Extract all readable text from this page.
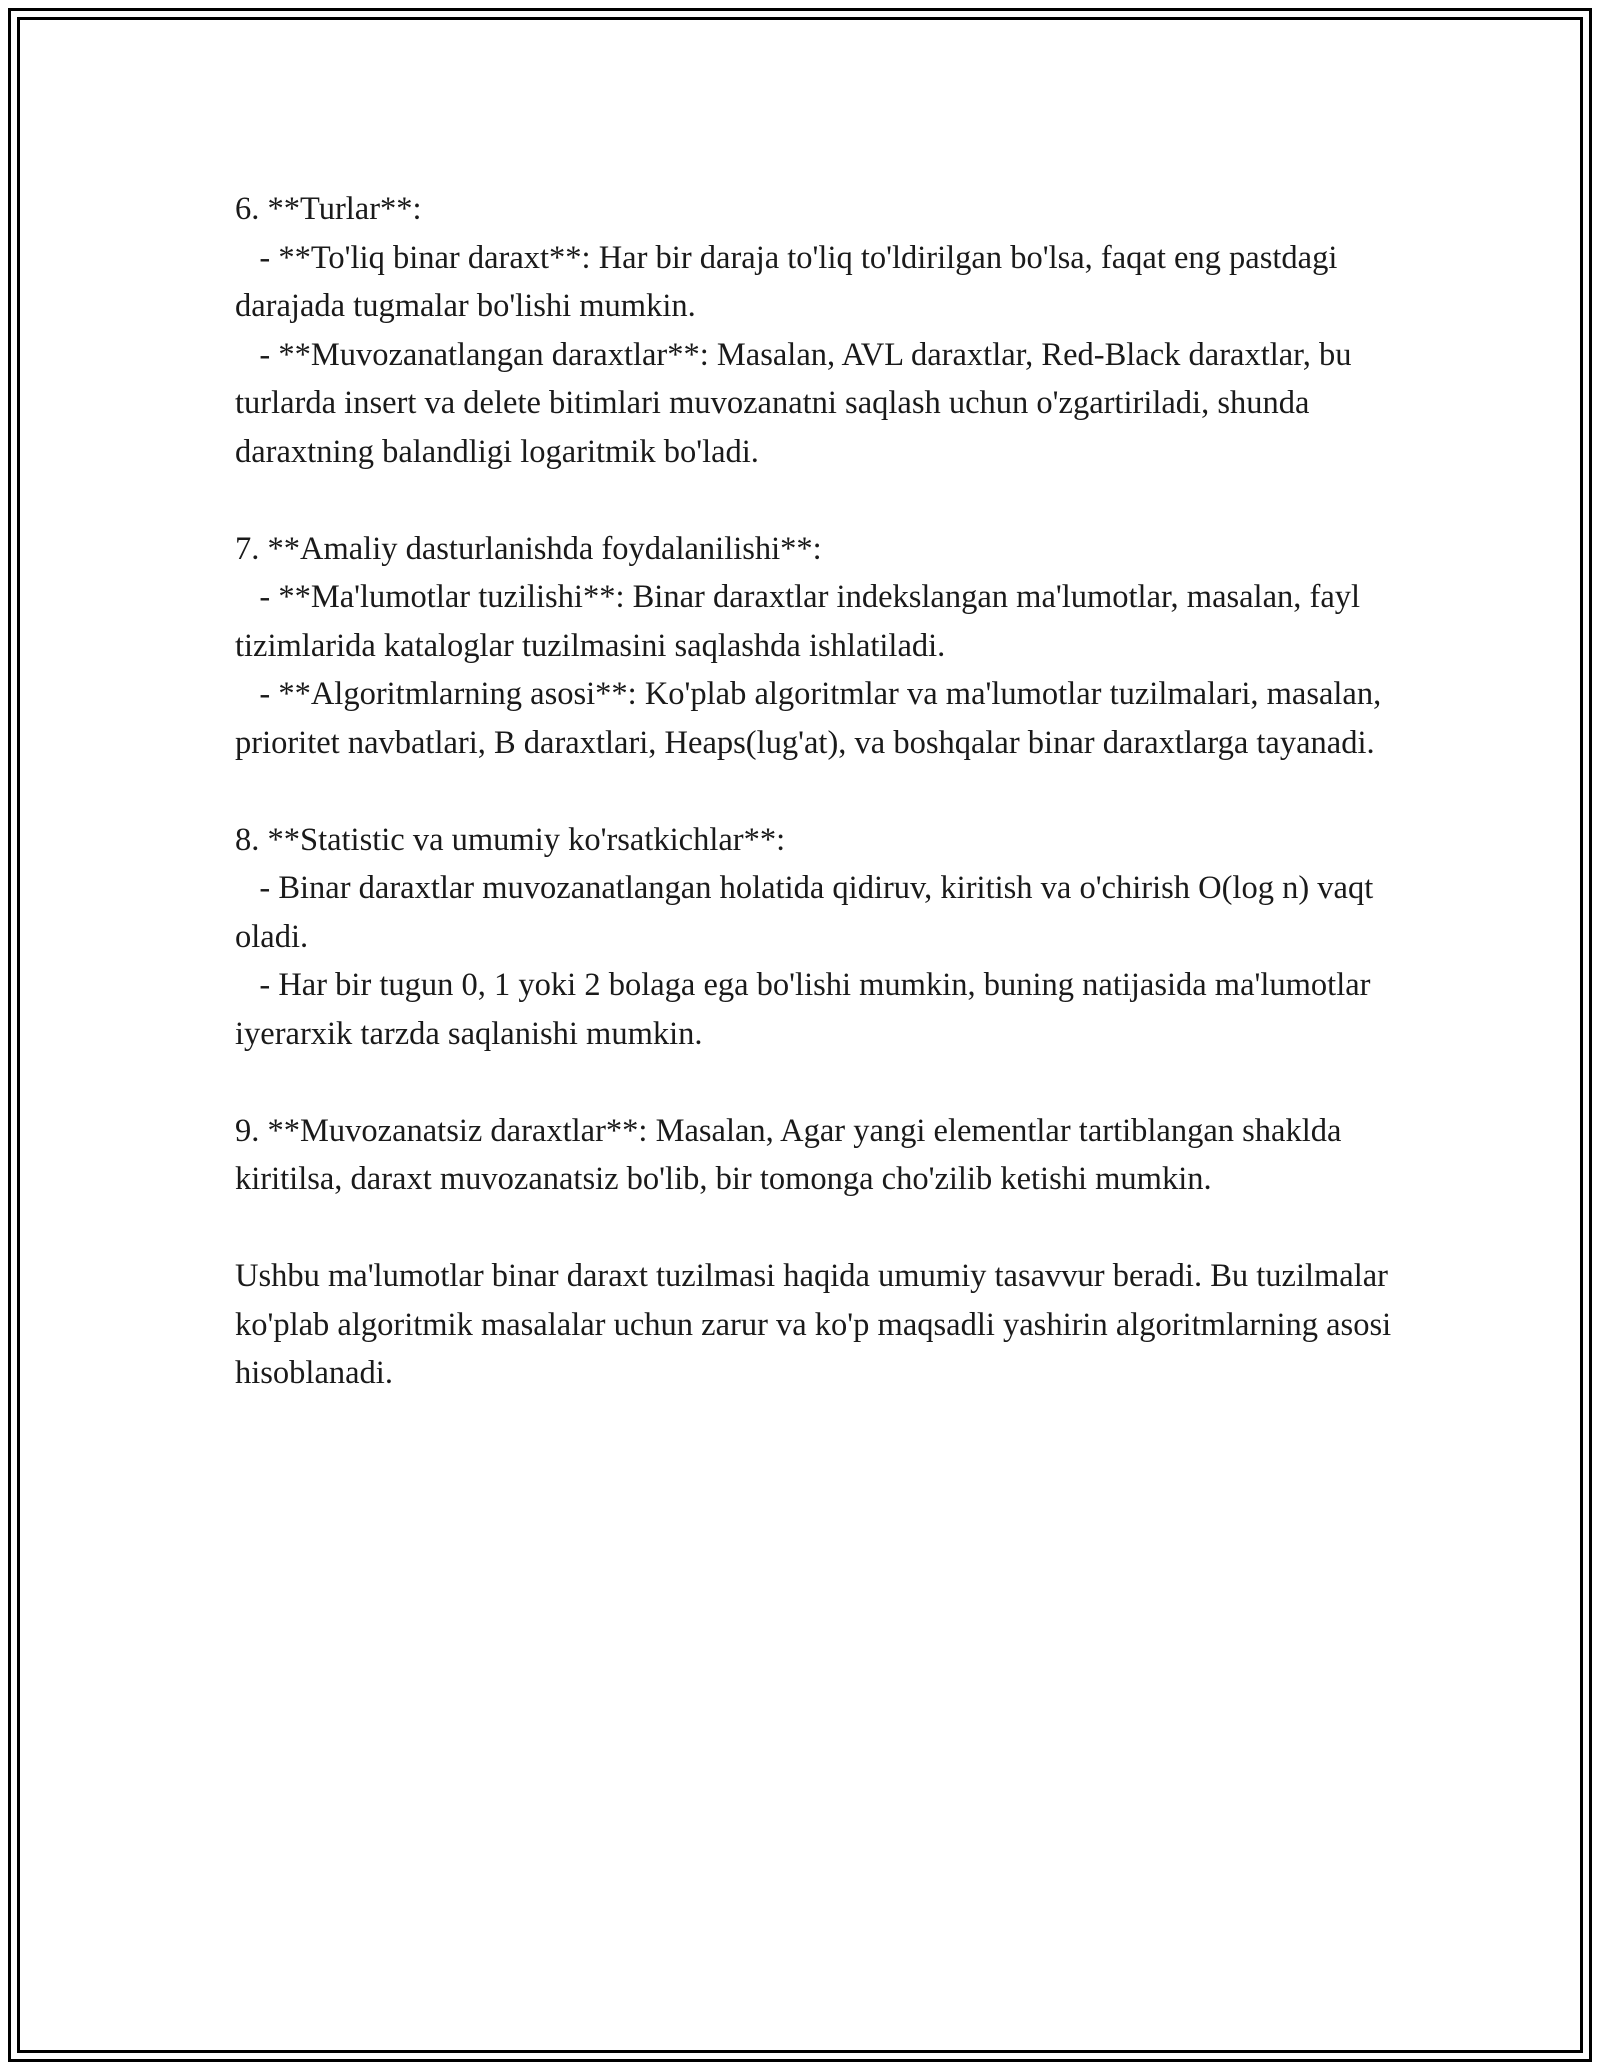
6. **Turlar**:

- **To'liq binar daraxt**: Har bir daraja to'liq to'ldirilgan bo'lsa, faqat eng pastdagi darajada tugmalar bo'lishi mumkin.

- **Muvozanatlangan daraxtlar**: Masalan, AVL daraxtlar, Red-Black daraxtlar, bu turlarda insert va delete bitimlari muvozanatni saqlash uchun o'zgartiriladi, shunda daraxtning balandligi logaritmik bo'ladi.

7. **Amaliy dasturlanishda foydalanilishi**:

- **Ma'lumotlar tuzilishi**: Binar daraxtlar indekslangan ma'lumotlar, masalan, fayl tizimlarida kataloglar tuzilmasini saqlashda ishlatiladi.

- **Algoritmlarning asosi**: Ko'plab algoritmlar va ma'lumotlar tuzilmalari, masalan, prioritet navbatlari, B daraxtlari, Heaps(lug'at), va boshqalar binar daraxtlarga tayanadi.

8. **Statistic va umumiy ko'rsatkichlar**:

- Binar daraxtlar muvozanatlangan holatida qidiruv, kiritish va o'chirish O(log n) vaqt oladi.

- Har bir tugun 0, 1 yoki 2 bolaga ega bo'lishi mumkin, buning natijasida ma'lumotlar iyerarxik tarzda saqlanishi mumkin.

9. **Muvozanatsiz daraxtlar**: Masalan, Agar yangi elementlar tartiblangan shaklda kiritilsa, daraxt muvozanatsiz bo'lib, bir tomonga cho'zilib ketishi mumkin.

Ushbu ma'lumotlar binar daraxt tuzilmasi haqida umumiy tasavvur beradi. Bu tuzilmalar ko'plab algoritmik masalalar uchun zarur va ko'p maqsadli yashirin algoritmlarning asosi hisoblanadi.
